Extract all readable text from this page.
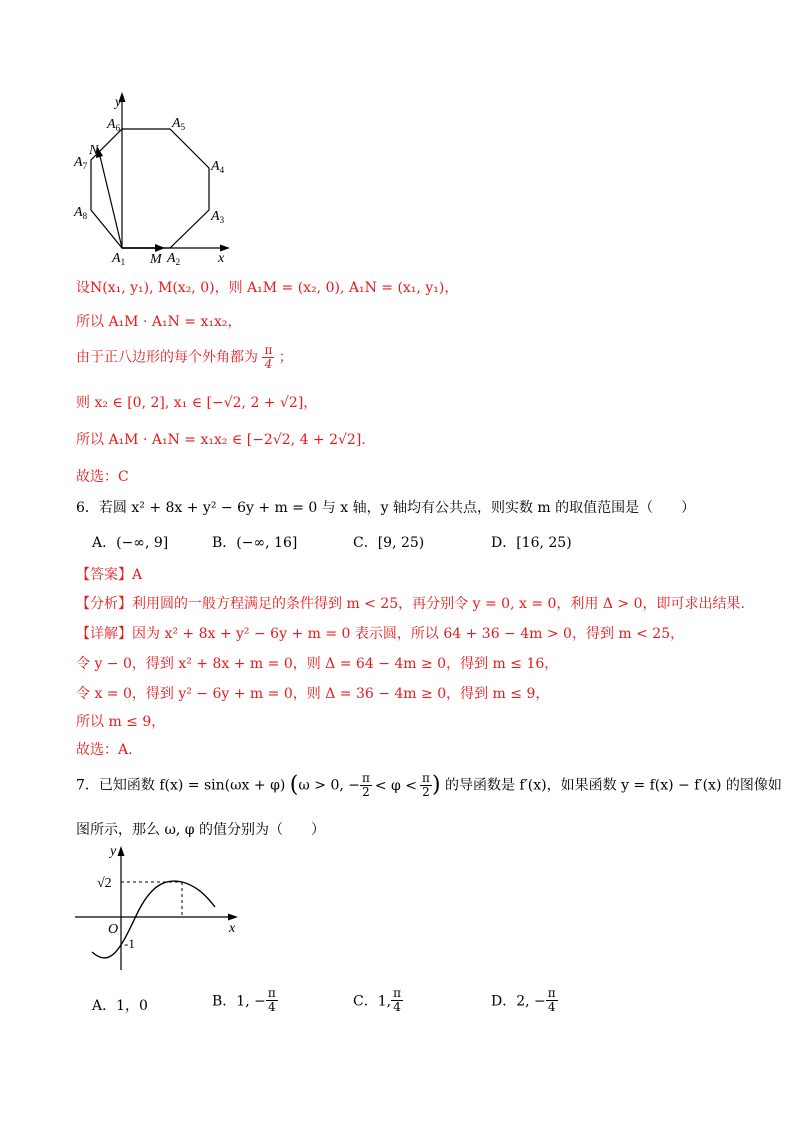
y
x
N
M
$A_1$	$A_2$
$A_3$
$A_4$
$A_5$
$A_6$
$A_7$
$A_8$
设N(x₁, y₁), M(x₂, 0)，则 A₁M = (x₂, 0), A₁N = (x₁, y₁)，
所以 A₁M · A₁N = x₁x₂，
由于正八边形的每个外角都为 $\frac{\pi}{4}$ ；
则 x₂ ∈ [0, 2], x₁ ∈ [−√2, 2 + √2]，
所以 A₁M · A₁N = x₁x₂ ∈ [−2√2, 4 + 2√2].
故选：C
6．若圆 x² + 8x + y² − 6y + m = 0 与 x 轴，y 轴均有公共点，则实数 m 的取值范围是（　　）
A．(−∞, 9]	B．(−∞, 16]	C．[9, 25)	D．[16, 25)
【答案】A
【分析】利用圆的一般方程满足的条件得到 m < 25，再分别令 y = 0, x = 0，利用 Δ > 0，即可求出结果.
【详解】因为 x² + 8x + y² − 6y + m = 0 表示圆，所以 64 + 36 − 4m > 0，得到 m < 25，
令 y − 0，得到 x² + 8x + m = 0，则 Δ = 64 − 4m ≥ 0，得到 m ≤ 16，
令 x = 0，得到 y² − 6y + m = 0，则 Δ = 36 − 4m ≥ 0，得到 m ≤ 9，
所以 m ≤ 9，
故选：A.
7．已知函数 f(x) = sin(ωx + φ) (ω > 0, − $\frac{\pi}{2} < \varphi < \frac{\pi}{2}$ ) 的导函数是 f′(x)，如果函数 y = f(x) − f′(x) 的图像如
图所示，那么 ω, φ 的值分别为（　　）
y
x
O
√2
-1
A．1，0	B．1, − $\frac{\pi}{4}$	C．1, $\frac{\pi}{4}$	D．2, − $\frac{\pi}{4}$
